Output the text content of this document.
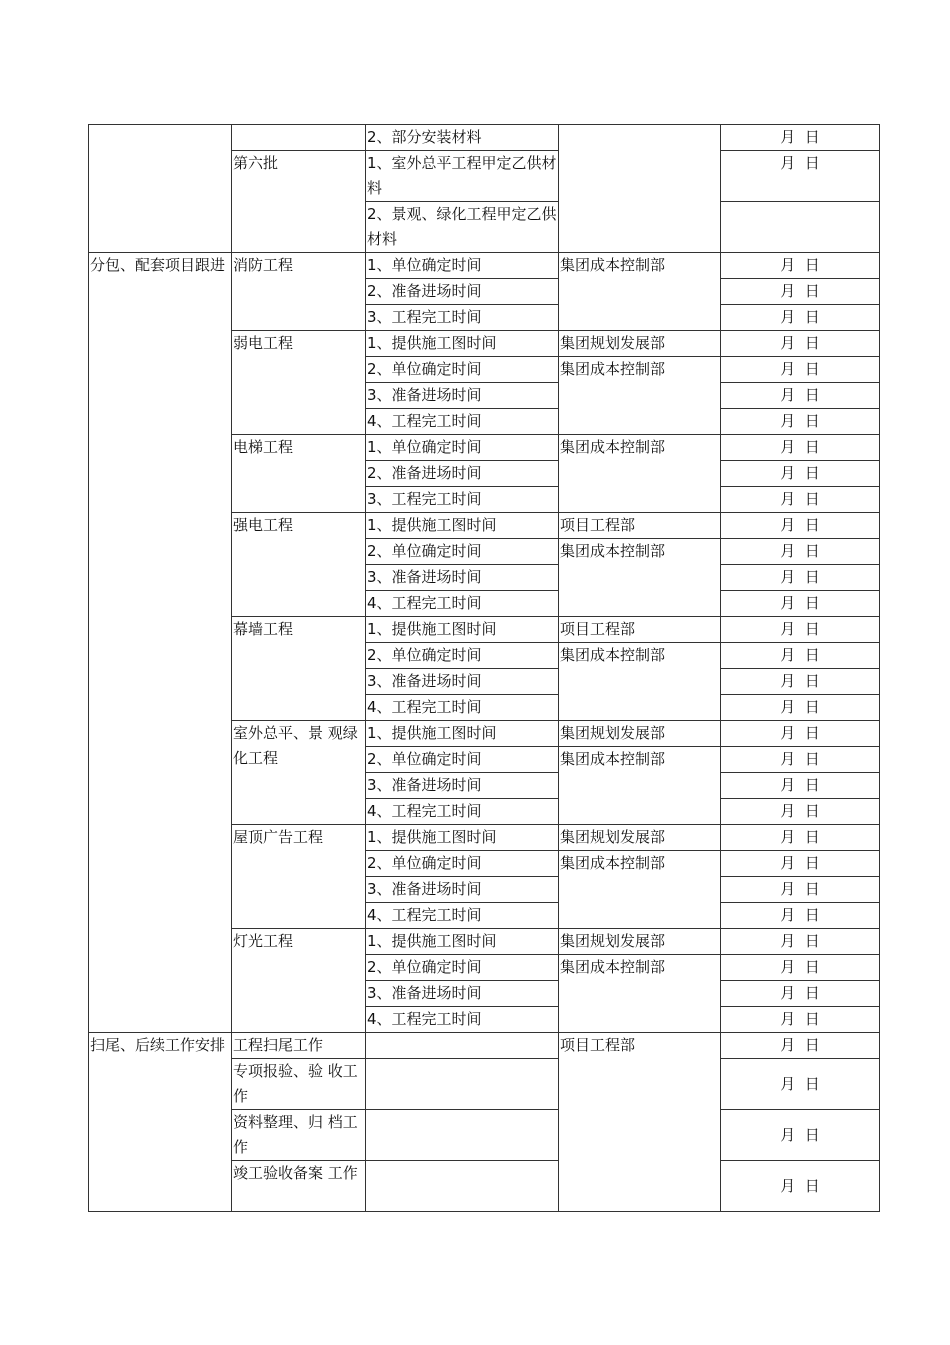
		2、部分安装材料		月  日
	第六批	1、室外总平工程甲定乙供材料		月  日
		2、景观、绿化工程甲定乙供材料		
分包、配套项目跟进	消防工程	1、单位确定时间	集团成本控制部	月  日
		2、准备进场时间		月  日
		3、工程完工时间		月  日
	弱电工程	1、提供施工图时间	集团规划发展部	月  日
		2、单位确定时间	集团成本控制部	月  日
		3、准备进场时间		月  日
		4、工程完工时间		月  日
	电梯工程	1、单位确定时间	集团成本控制部	月  日
		2、准备进场时间		月  日
		3、工程完工时间		月  日
	强电工程	1、提供施工图时间	项目工程部	月  日
		2、单位确定时间	集团成本控制部	月  日
		3、准备进场时间		月  日
		4、工程完工时间		月  日
	幕墙工程	1、提供施工图时间	项目工程部	月  日
		2、单位确定时间	集团成本控制部	月  日
		3、准备进场时间		月  日
		4、工程完工时间		月  日
	室外总平、景 观绿化工程	1、提供施工图时间	集团规划发展部	月  日
		2、单位确定时间	集团成本控制部	月  日
		3、准备进场时间		月  日
		4、工程完工时间		月  日
	屋顶广告工程	1、提供施工图时间	集团规划发展部	月  日
		2、单位确定时间	集团成本控制部	月  日
		3、准备进场时间		月  日
		4、工程完工时间		月  日
	灯光工程	1、提供施工图时间	集团规划发展部	月  日
		2、单位确定时间	集团成本控制部	月  日
		3、准备进场时间		月  日
		4、工程完工时间		月  日
扫尾、后续工作安排	工程扫尾工作		项目工程部	月  日
	专项报验、验 收工作			月  日
	资料整理、归 档工作			月  日
	竣工验收备案 工作			月  日
